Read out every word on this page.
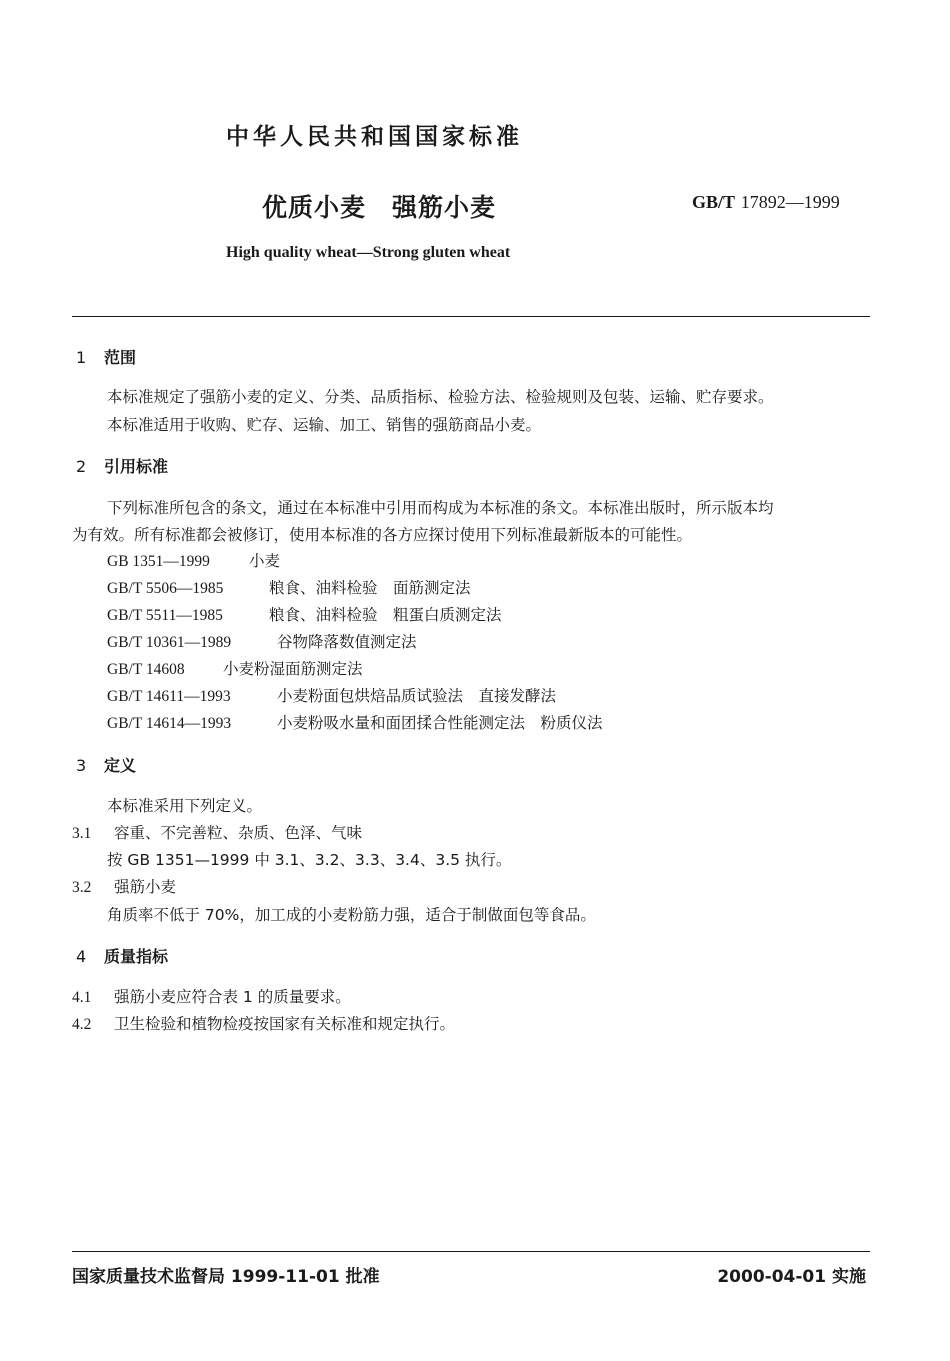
中华人民共和国国家标准
优质小麦 强筋小麦	GB/T 17892—1999
High quality wheat—Strong gluten wheat
1 范围
本标准规定了强筋小麦的定义、分类、品质指标、检验方法、检验规则及包装、运输、贮存要求。
本标准适用于收购、贮存、运输、加工、销售的强筋商品小麦。
2 引用标准
下列标准所包含的条文，通过在本标准中引用而构成为本标准的条文。本标准出版时，所示版本均
为有效。所有标准都会被修订，使用本标准的各方应探讨使用下列标准最新版本的可能性。
GB 1351—1999	小麦
GB/T 5506—1985	粮食、油料检验　面筋测定法
GB/T 5511—1985	粮食、油料检验　粗蛋白质测定法
GB/T 10361—1989	谷物降落数值测定法
GB/T 14608 小麦粉湿面筋测定法
GB/T 14611—1993	小麦粉面包烘焙品质试验法　直接发酵法
GB/T 14614—1993	小麦粉吸水量和面团揉合性能测定法　粉质仪法
3 定义
本标准采用下列定义。
3.1 容重、不完善粒、杂质、色泽、气味
按 GB 1351—1999 中 3.1、3.2、3.3、3.4、3.5 执行。
3.2 强筋小麦
角质率不低于 70%，加工成的小麦粉筋力强，适合于制做面包等食品。
4 质量指标
4.1 强筋小麦应符合表 1 的质量要求。
4.2 卫生检验和植物检疫按国家有关标准和规定执行。
国家质量技术监督局 1999-11-01 批准	2000-04-01 实施
